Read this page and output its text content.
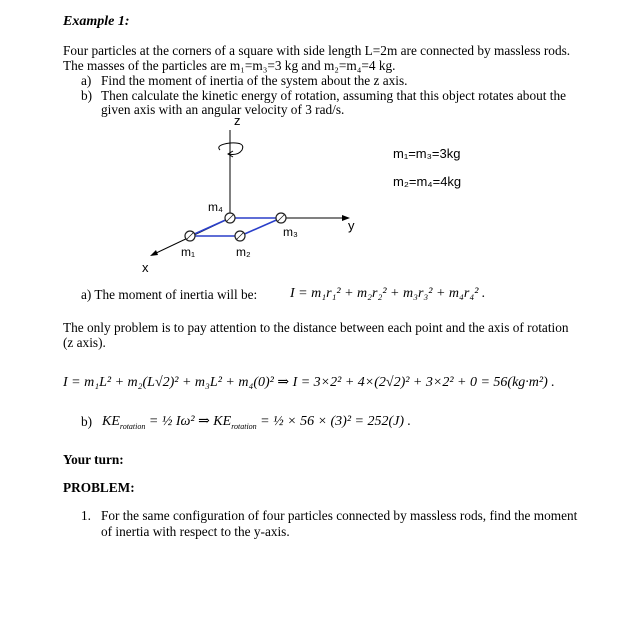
Example 1:
Four particles at the corners of a square with side length L=2m are connected by massless rods.
The masses of the particles are m₁=m₃=3 kg and m₂=m₄=4 kg.
a) Find the moment of inertia of the system about the z axis.
b) Then calculate the kinetic energy of rotation, assuming that this object rotates about the
given axis with an angular velocity of 3 rad/s.
z
y
x
m₄
m₃
m₂
m₁
m₁=m₃=3kg
m₂=m₄=4kg
a) The moment of inertia will be: I = m₁r₁² + m₂r₂² + m₃r₃² + m₄r₄² .
The only problem is to pay attention to the distance between each point and the axis of rotation
(z axis).
I = m₁L² + m₂(L√2)² + m₃L² + m₄(0)² ⇒ I = 3×2² + 4×(2√2)² + 3×2² + 0 = 56(kg·m²) .
b) $KE_{rotation}$ = ½ Iω² ⇒ $KE_{rotation}$ = ½ × 56 × (3)² = 252(J) .
Your turn:
PROBLEM:
1. For the same configuration of four particles connected by massless rods, find the moment
of inertia with respect to the y-axis.
